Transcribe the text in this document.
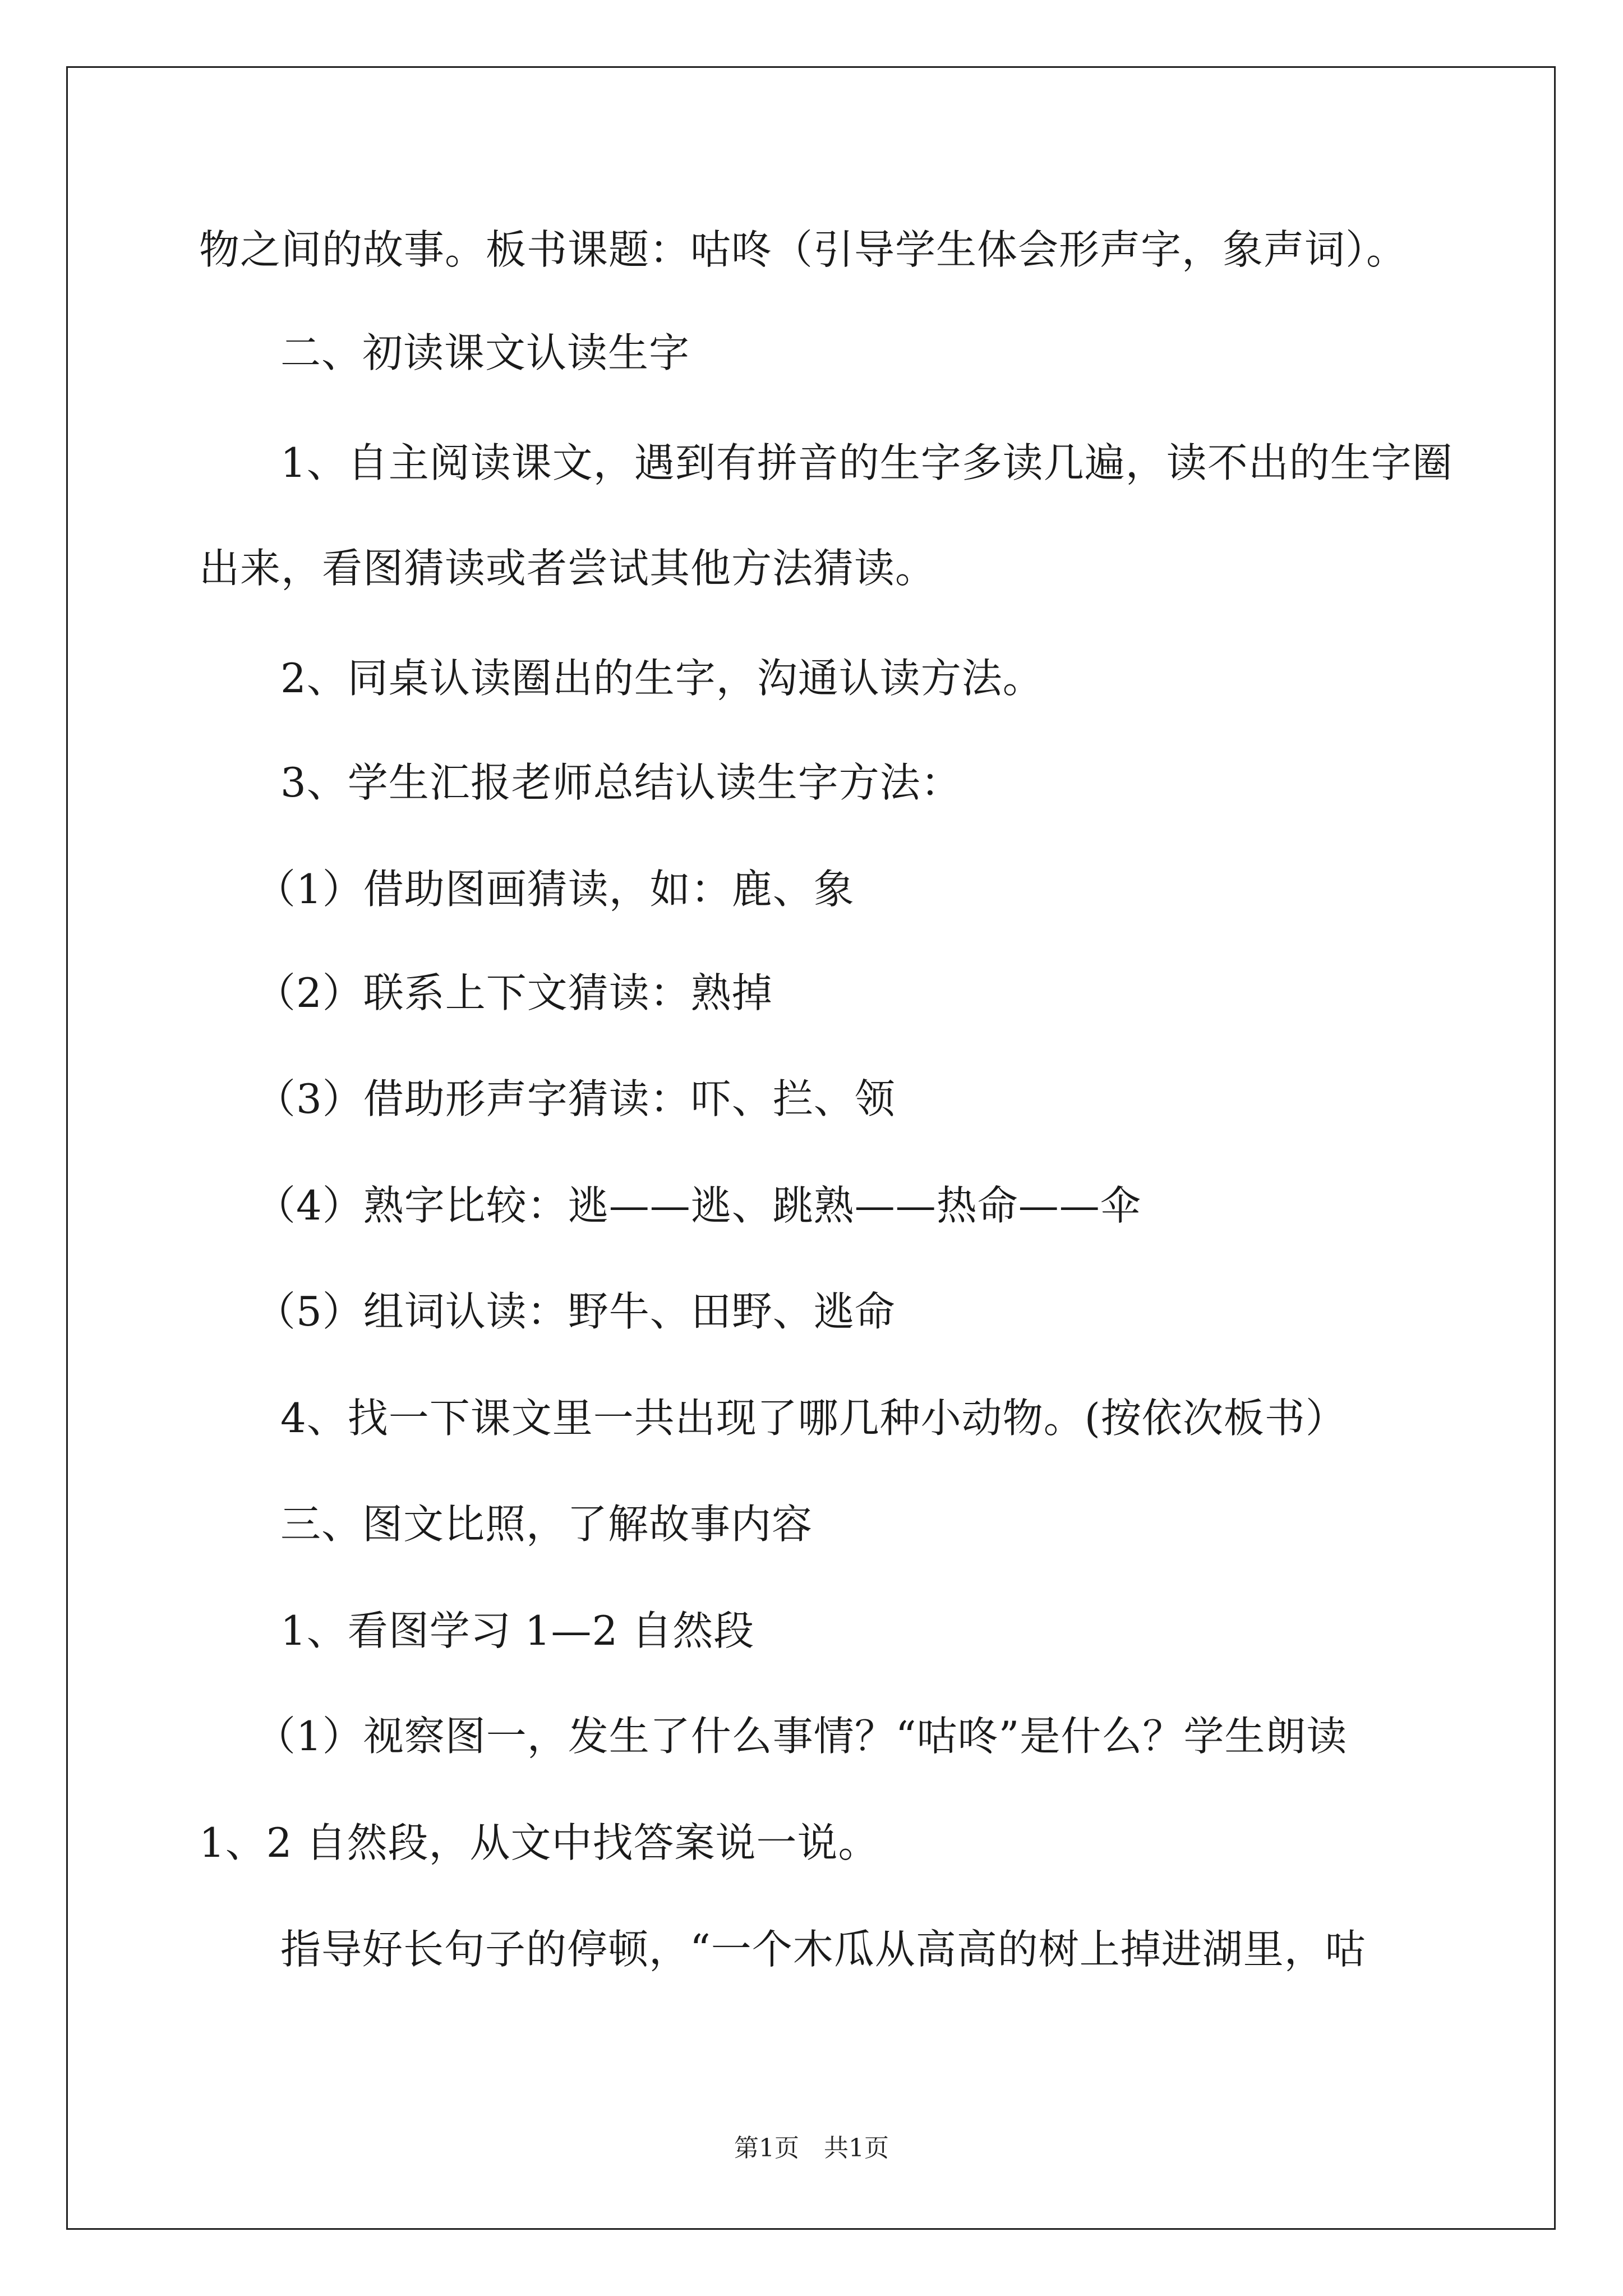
物之间的故事。板书课题：咕咚（引导学生体会形声字，象声词）。
二、初读课文认读生字
1、自主阅读课文，遇到有拼音的生字多读几遍，读不出的生字圈
出来，看图猜读或者尝试其他方法猜读。
2、同桌认读圈出的生字，沟通认读方法。
3、学生汇报老师总结认读生字方法：
（1）借助图画猜读，如：鹿、象
（2）联系上下文猜读：熟掉
（3）借助形声字猜读：吓、拦、领
（4）熟字比较：逃——逃、跳熟——热命——伞
（5）组词认读：野牛、田野、逃命
4、找一下课文里一共出现了哪几种小动物。(按依次板书）
三、图文比照，了解故事内容
1、看图学习 1—2 自然段
（1）视察图一，发生了什么事情？“咕咚”是什么？学生朗读
1、2 自然段，从文中找答案说一说。
指导好长句子的停顿，“一个木瓜从高高的树上掉进湖里，咕
第1页　共1页
